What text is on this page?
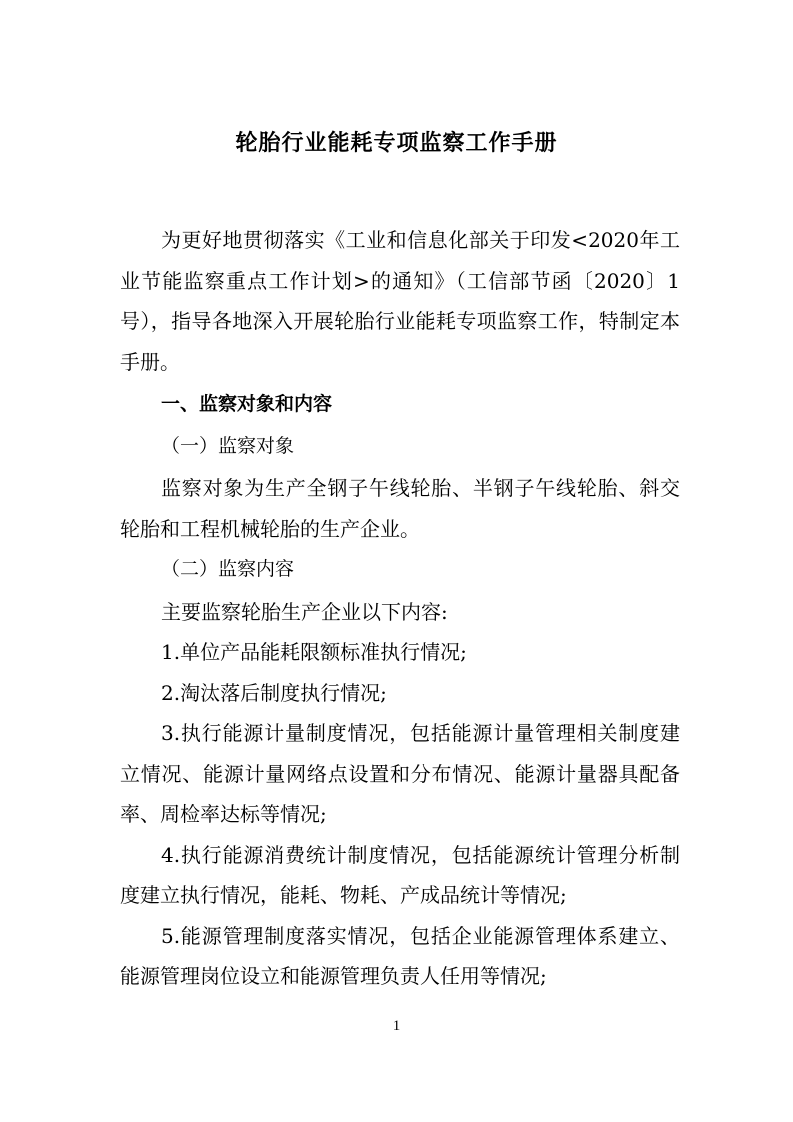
轮胎行业能耗专项监察工作手册

为更好地贯彻落实《工业和信息化部关于印发<2020年工业节能监察重点工作计划>的通知》（工信部节函〔2020〕1号），指导各地深入开展轮胎行业能耗专项监察工作，特制定本手册。

一、监察对象和内容

（一）监察对象

监察对象为生产全钢子午线轮胎、半钢子午线轮胎、斜交轮胎和工程机械轮胎的生产企业。

（二）监察内容

主要监察轮胎生产企业以下内容:

1.单位产品能耗限额标准执行情况;

2.淘汰落后制度执行情况;

3.执行能源计量制度情况，包括能源计量管理相关制度建立情况、能源计量网络点设置和分布情况、能源计量器具配备率、周检率达标等情况;

4.执行能源消费统计制度情况，包括能源统计管理分析制度建立执行情况，能耗、物耗、产成品统计等情况;

5.能源管理制度落实情况，包括企业能源管理体系建立、能源管理岗位设立和能源管理负责人任用等情况;

1
